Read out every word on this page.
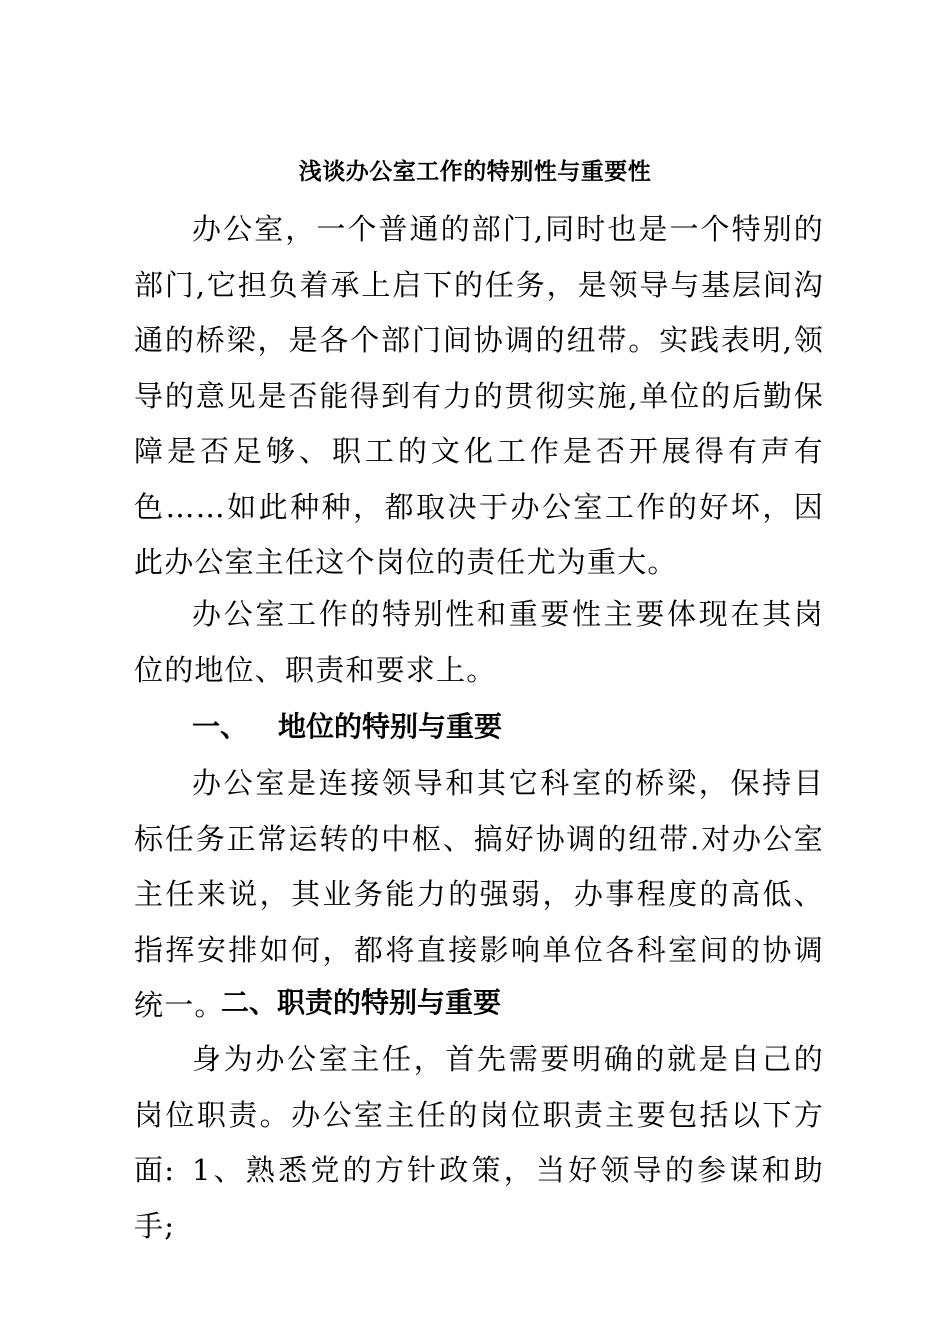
浅谈办公室工作的特别性与重要性

办公室，一个普通的部门,同时也是一个特别的部门,它担负着承上启下的任务，是领导与基层间沟通的桥梁，是各个部门间协调的纽带。实践表明,领导的意见是否能得到有力的贯彻实施,单位的后勤保障是否足够、职工的文化工作是否开展得有声有色……如此种种，都取决于办公室工作的好坏，因此办公室主任这个岗位的责任尤为重大。

办公室工作的特别性和重要性主要体现在其岗位的地位、职责和要求上。

一、 地位的特别与重要

办公室是连接领导和其它科室的桥梁，保持目标任务正常运转的中枢、搞好协调的纽带.对办公室主任来说，其业务能力的强弱，办事程度的高低、指挥安排如何，都将直接影响单位各科室间的协调统一。

二、职责的特别与重要

身为办公室主任，首先需要明确的就是自己的岗位职责。办公室主任的岗位职责主要包括以下方面: 1、熟悉党的方针政策，当好领导的参谋和助手;
